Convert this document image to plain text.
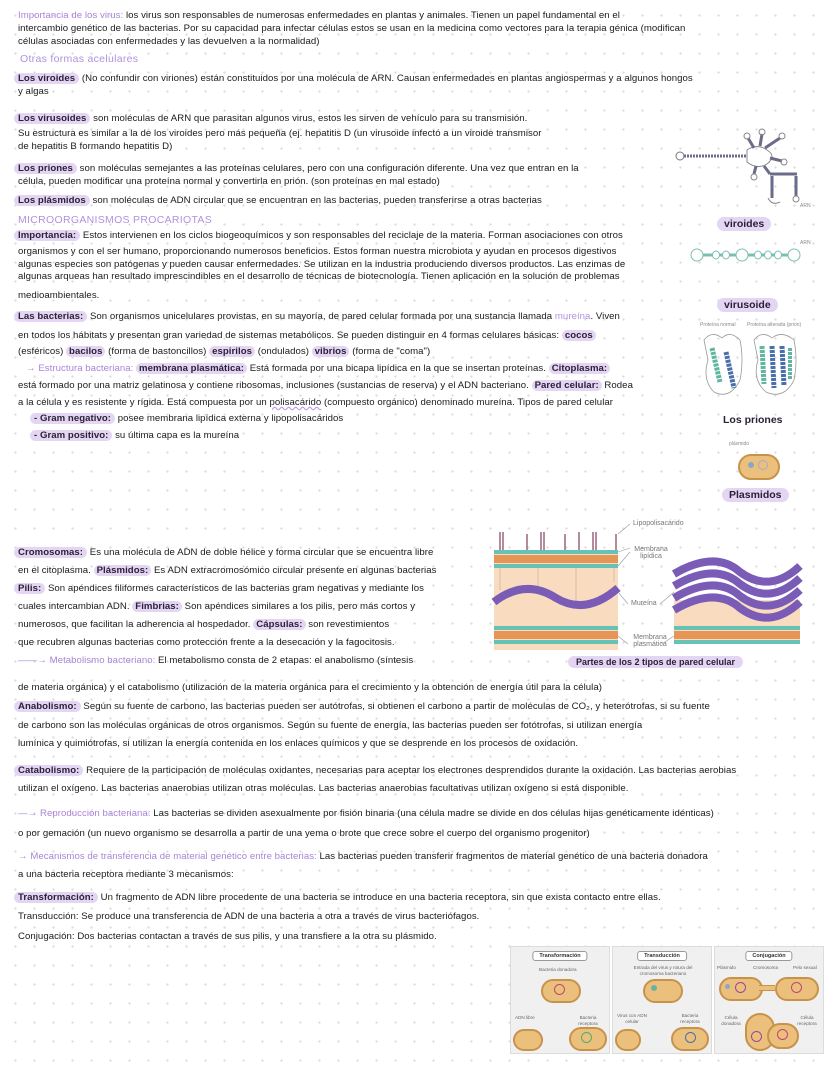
Importancia de los virus: los virus son responsables de numerosas enfermedades en plantas y animales. Tienen un papel fundamental en el
intercambio genético de las bacterias. Por su capacidad para infectar células estos se usan en la medicina como vectores para la terapia génica (modifican
células asociadas con enfermedades y las devuelven a la normalidad)
Otras formas acelulares
Los viroides (No confundir con viriones) están constituidos por una molécula de ARN. Causan enfermedades en plantas angiospermas y a algunos hongos
y algas
Los virusoides son moléculas de ARN que parasitan algunos virus, estos les sirven de vehículo para su transmisión.
Su estructura es similar a la de los viroides pero más pequeña (ej. hepatitis D (un virusoide infectó a un viroide transmisor
de hepatitis B formando hepatitis D)
Los priones son moléculas semejantes a las proteínas celulares, pero con una configuración diferente. Una vez que entran en la
célula, pueden modificar una proteína normal y convertirla en prión. (son proteínas en mal estado)
Los plásmidos son moléculas de ADN circular que se encuentran en las bacterias, pueden transferirse a otras bacterias
MICROORGANISMOS PROCARIOTAS
Importancia: Estos intervienen en los ciclos biogeoquímicos y son responsables del reciclaje de la materia. Forman asociaciones con otros
organismos y con el ser humano, proporcionando numerosos beneficios. Estos forman nuestra microbiota y ayudan en procesos digestivos
algunas especies son patógenas y pueden causar enfermedades. Se utilizan en la industria produciendo diversos productos. Las enzimas de
algunas arqueas han resultado imprescindibles en el desarrollo de técnicas de biotecnología. Tienen aplicación en la solución de problemas
medioambientales.
Las bacterias: Son organismos unicelulares provistas, en su mayoría, de pared celular formada por una sustancia llamada mureína. Viven
en todos los hábitats y presentan gran variedad de sistemas metabólicos. Se pueden distinguir en 4 formas celulares básicas: cocos
(esféricos) bacilos (forma de bastoncillos) espirilos (ondulados) vibrios (forma de "coma")
→ Estructura bacteriana: membrana plasmática: Está formada por una bicapa lipídica en la que se insertan proteínas. Citoplasma:
está formado por una matriz gelatinosa y contiene ribosomas, inclusiones (sustancias de reserva) y el ADN bacteriano. Pared celular: Rodea
a la célula y es resistente y rígida. Está compuesta por un polisacárido (compuesto orgánico) denominado mureína. Tipos de pared celular
- Gram negativo: posee membrana lipídica externa y lipopolisacáridos
- Gram positivo: su última capa es la mureína
Cromosomas: Es una molécula de ADN de doble hélice y forma circular que se encuentra libre
en el citoplasma. Plásmidos: Es ADN extracromosómico circular presente en algunas bacterias
Pilis: Son apéndices filiformes característicos de las bacterias gram negativas y mediante los
cuales intercambian ADN. Fimbrias: Son apéndices similares a los pilis, pero más cortos y
numerosos, que facilitan la adherencia al hospedador. Cápsulas: son revestimientos
que recubren algunas bacterias como protección frente a la desecación y la fagocitosis.
——→ Metabolismo bacteriano: El metabolismo consta de 2 etapas: el anabolismo (síntesis
de materia orgánica) y el catabolismo (utilización de la materia orgánica para el crecimiento y la obtención de energía útil para la célula)
Anabolismo: Según su fuente de carbono, las bacterias pueden ser autótrofas, si obtienen el carbono a partir de moléculas de CO₂, y heterótrofas, si su fuente
de carbono son las moléculas orgánicas de otros organismos. Según su fuente de energía, las bacterias pueden ser fotótrofas, si utilizan energía
lumínica y quimiótrofas, si utilizan la energía contenida en los enlaces químicos y que se desprende en los procesos de oxidación.
Catabolismo: Requiere de la participación de moléculas oxidantes, necesarias para aceptar los electrones desprendidos durante la oxidación. Las bacterias aerobias
utilizan el oxígeno. Las bacterias anaerobias utilizan otras moléculas. Las bacterias anaerobias facultativas utilizan oxígeno si está disponible.
—→ Reproducción bacteriana: Las bacterias se dividen asexualmente por fisión binaria (una célula madre se divide en dos células hijas genéticamente idénticas)
o por gemación (un nuevo organismo se desarrolla a partir de una yema o brote que crece sobre el cuerpo del organismo progenitor)
→ Mecanismos de transferencia de material genético entre bacterias: Las bacterias pueden transferir fragmentos de material genético de una bacteria donadora
a una bacteria receptora mediante 3 mecanismos:
Transformación: Un fragmento de ADN libre procedente de una bacteria se introduce en una bacteria receptora, sin que exista contacto entre ellas.
Transducción: Se produce una transferencia de ADN de una bacteria a otra a través de virus bacteriófagos.
Conjugación: Dos bacterias contactan a través de sus pilis, y una transfiere a la otra su plásmido.
ARN
viroides
ARN
virusoide
Proteína normal Proteína alterada (prion)
Los priones
plásmido
Plasmidos
Lipopolisacárido
Membrana lipídica
Mureína
Membrana plasmática
Partes de los 2 tipos de pared celular
Transformación
Bacteria donadora
ADN libre	Bacteria receptora
Transducción
Entrada del virus y rotura del cromosoma bacteriano
Virus con ADN celular
Bacteria receptora
Conjugación
Plásmido	Cromosoma	Pelo sexual
Célula donadora
Célula receptora
